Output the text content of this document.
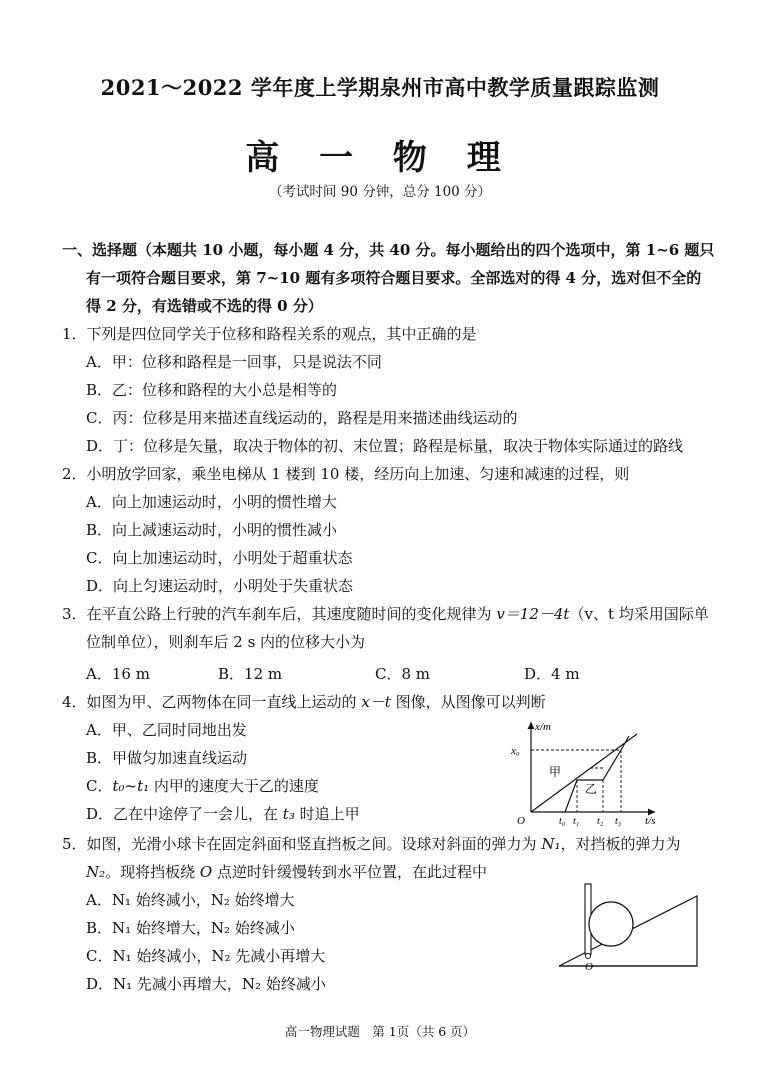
2021～2022 学年度上学期泉州市高中教学质量跟踪监测
高 一 物 理
（考试时间 90 分钟，总分 100 分）
一、选择题（本题共 10 小题，每小题 4 分，共 40 分。每小题给出的四个选项中，第 1~6 题只
有一项符合题目要求，第 7~10 题有多项符合题目要求。全部选对的得 4 分，选对但不全的
得 2 分，有选错或不选的得 0 分）
1．下列是四位同学关于位移和路程关系的观点，其中正确的是
A．甲：位移和路程是一回事，只是说法不同
B．乙：位移和路程的大小总是相等的
C．丙：位移是用来描述直线运动的，路程是用来描述曲线运动的
D．丁：位移是矢量，取决于物体的初、末位置；路程是标量，取决于物体实际通过的路线
2．小明放学回家，乘坐电梯从 1 楼到 10 楼，经历向上加速、匀速和减速的过程，则
A．向上加速运动时，小明的惯性增大
B．向上减速运动时，小明的惯性减小
C．向上加速运动时，小明处于超重状态
D．向上匀速运动时，小明处于失重状态
3．在平直公路上行驶的汽车刹车后，其速度随时间的变化规律为 v＝12－4t（v、t 均采用国际单
位制单位），则刹车后 2 s 内的位移大小为
A．16 m	B．12 m	C．8 m	D．4 m
4．如图为甲、乙两物体在同一直线上运动的 x－t 图像，从图像可以判断
A．甲、乙同时同地出发
B．甲做匀加速直线运动
C．t₀~t₁ 内甲的速度大于乙的速度
D．乙在中途停了一会儿，在 t₃ 时追上甲
x/m
t/s
O
x₀
t₀ t₁ t₂ t₃
甲
乙
5．如图，光滑小球卡在固定斜面和竖直挡板之间。设球对斜面的弹力为 N₁，对挡板的弹力为
N₂。现将挡板绕 O 点逆时针缓慢转到水平位置，在此过程中
A．N₁ 始终减小，N₂ 始终增大
B．N₁ 始终增大，N₂ 始终减小
C．N₁ 始终减小，N₂ 先减小再增大
D．N₁ 先减小再增大，N₂ 始终减小
O
高一物理试题　第 1页（共 6 页）
